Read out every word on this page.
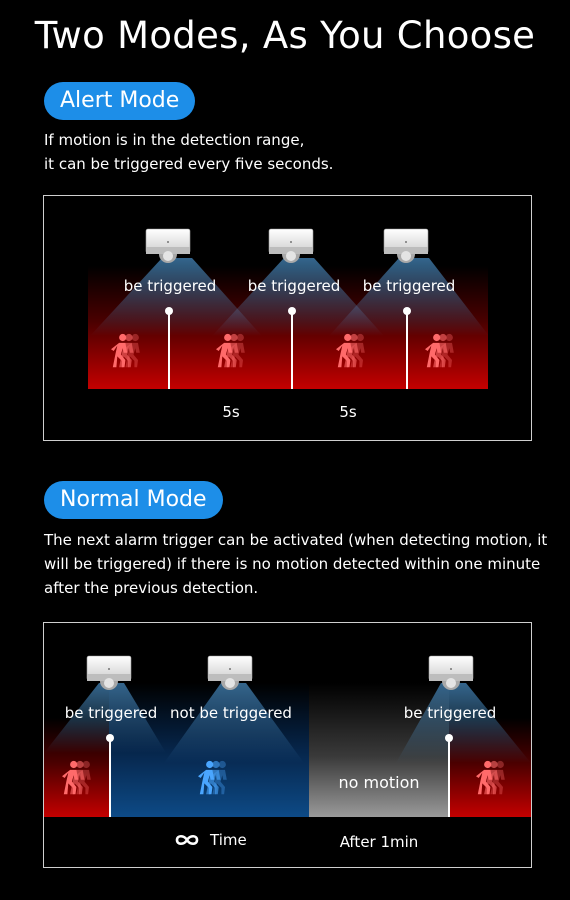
Two Modes, As You Choose
Alert Mode
If motion is in the detection range,
it can be triggered every five seconds.
be triggered be triggered be triggered
5s	5s
Normal Mode
The next alarm trigger can be activated (when detecting motion, it
will be triggered) if there is no motion detected within one minute
after the previous detection.
be triggered not be triggered	be triggered
no motion
Time	After 1min
